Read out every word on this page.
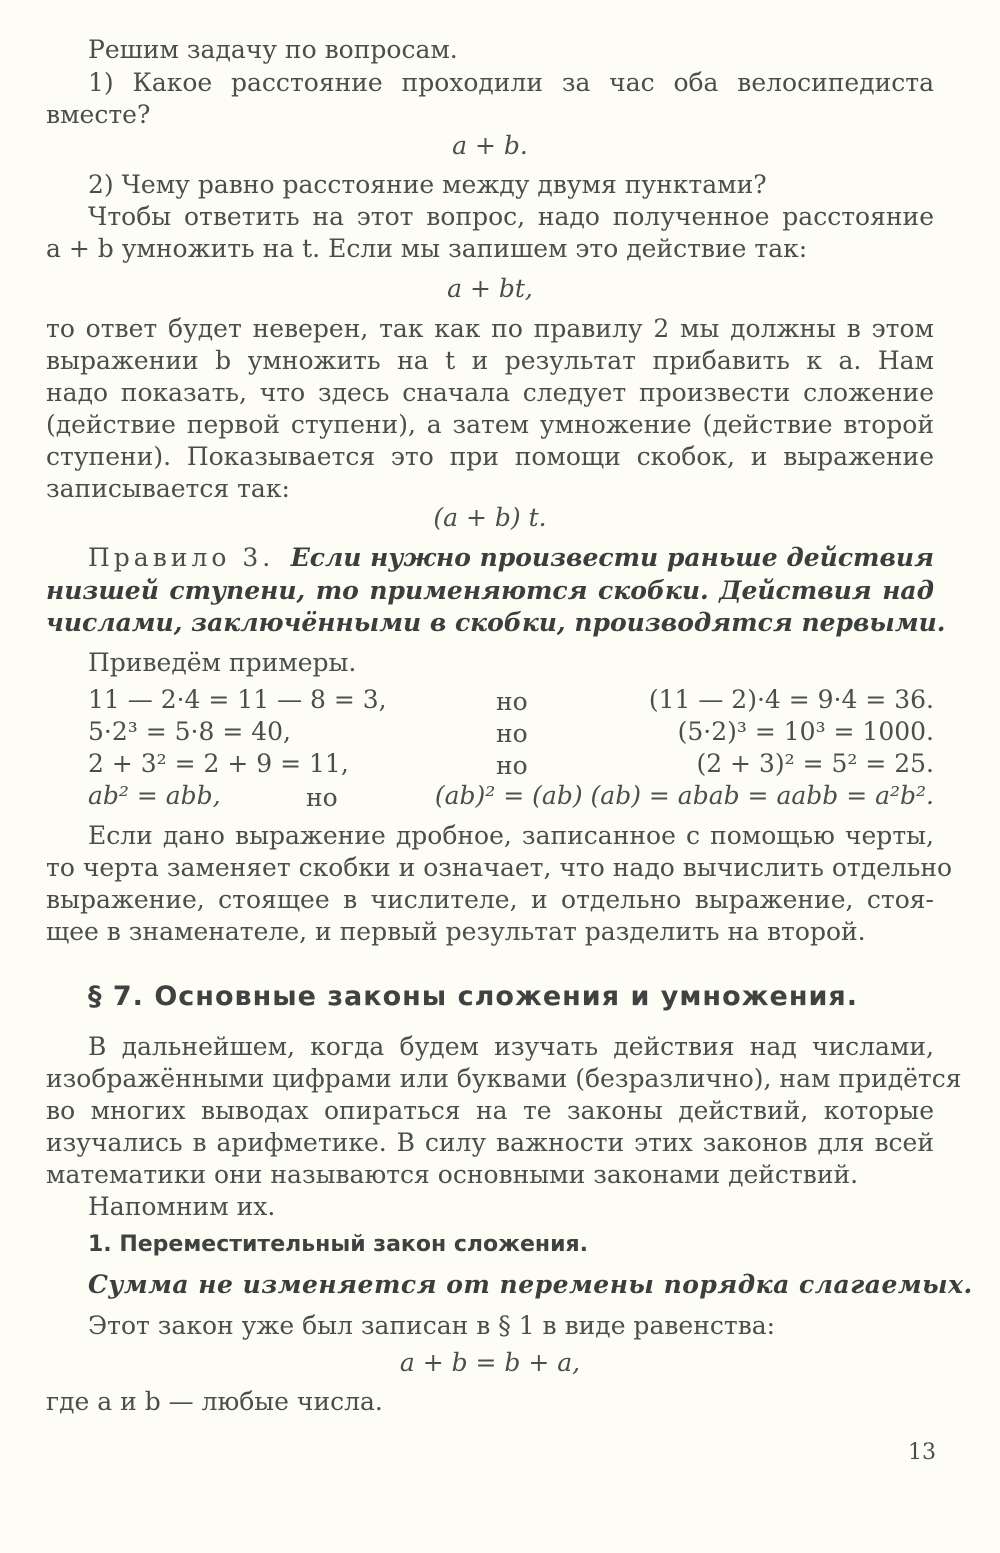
Решим задачу по вопросам.
1) Какое расстояние проходили за час оба велосипедиста
вместе?
a + b.
2) Чему равно расстояние между двумя пунктами?
Чтобы ответить на этот вопрос, надо полученное расстояние
a + b умножить на t. Если мы запишем это действие так:
a + bt,
то ответ будет неверен, так как по правилу 2 мы должны в этом
выражении b умножить на t и результат прибавить к a. Нам
надо показать, что здесь сначала следует произвести сложение
(действие первой ступени), а затем умножение (действие второй
ступени). Показывается это при помощи скобок, и выражение
записывается так:
(a + b) t.
Правило 3. Если нужно произвести раньше действия
низшей ступени, то применяются скобки. Действия над
числами, заключёнными в скобки, производятся первыми.
Приведём примеры.
11 — 2·4 = 11 — 8 = 3,	но	(11 — 2)·4 = 9·4 = 36.
5·2³ = 5·8 = 40,	но	(5·2)³ = 10³ = 1000.
2 + 3² = 2 + 9 = 11,	но	(2 + 3)² = 5² = 25.
ab² = abb,	но	(ab)² = (ab) (ab) = abab = aabb = a²b².
Если дано выражение дробное, записанное с помощью черты,
то черта заменяет скобки и означает, что надо вычислить отдельно
выражение, стоящее в числителе, и отдельно выражение, стоя-
щее в знаменателе, и первый результат разделить на второй.
§ 7. Основные законы сложения и умножения.
В дальнейшем, когда будем изучать действия над числами,
изображёнными цифрами или буквами (безразлично), нам придётся
во многих выводах опираться на те законы действий, которые
изучались в арифметике. В силу важности этих законов для всей
математики они называются основными законами действий.
Напомним их.
1. Переместительный закон сложения.
Сумма не изменяется от перемены порядка слагаемых.
Этот закон уже был записан в § 1 в виде равенства:
a + b = b + a,
где a и b — любые числа.
13
